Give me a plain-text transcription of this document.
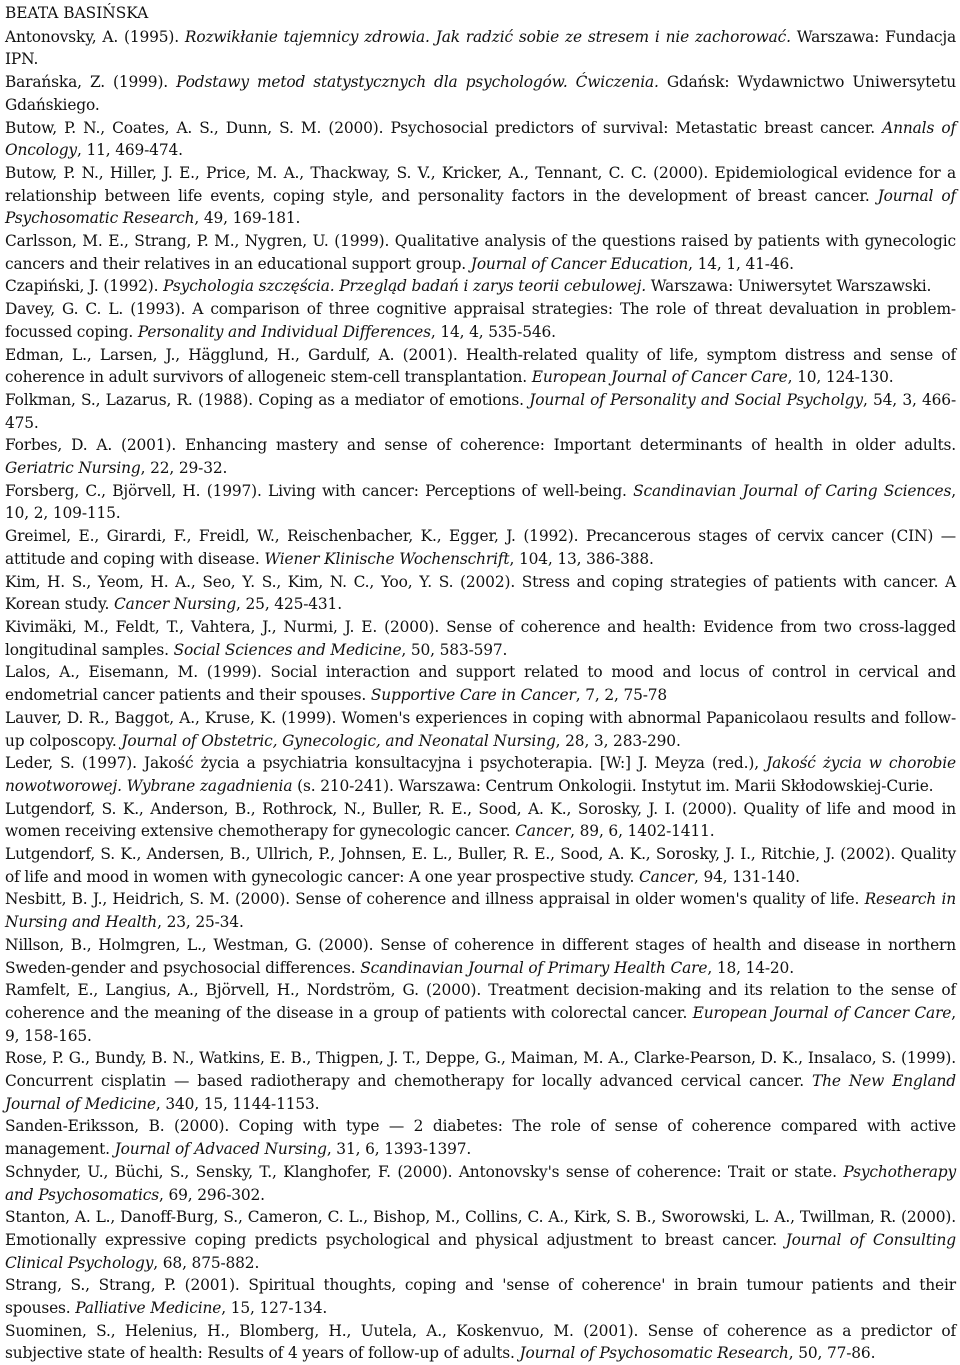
BEATA BASIŃSKA
Antonovsky, A. (1995). Rozwikłanie tajemnicy zdrowia. Jak radzić sobie ze stresem i nie zachorować. Warszawa: Fundacja IPN.
Barańska, Z. (1999). Podstawy metod statystycznych dla psychologów. Ćwiczenia. Gdańsk: Wydawnictwo Uniwersytetu Gdańskiego.
Butow, P. N., Coates, A. S., Dunn, S. M. (2000). Psychosocial predictors of survival: Metastatic breast cancer. Annals of Oncology, 11, 469-474.
Butow, P. N., Hiller, J. E., Price, M. A., Thackway, S. V., Kricker, A., Tennant, C. C. (2000). Epidemiological evidence for a relationship between life events, coping style, and personality factors in the development of breast cancer. Journal of Psychosomatic Research, 49, 169-181.
Carlsson, M. E., Strang, P. M., Nygren, U. (1999). Qualitative analysis of the questions raised by patients with gynecologic cancers and their relatives in an educational support group. Journal of Cancer Education, 14, 1, 41-46.
Czapiński, J. (1992). Psychologia szczęścia. Przegląd badań i zarys teorii cebulowej. Warszawa: Uniwersytet Warszawski.
Davey, G. C. L. (1993). A comparison of three cognitive appraisal strategies: The role of threat devaluation in problem-focussed coping. Personality and Individual Differences, 14, 4, 535-546.
Edman, L., Larsen, J., Hägglund, H., Gardulf, A. (2001). Health-related quality of life, symptom distress and sense of coherence in adult survivors of allogeneic stem-cell transplantation. European Journal of Cancer Care, 10, 124-130.
Folkman, S., Lazarus, R. (1988). Coping as a mediator of emotions. Journal of Personality and Social Psycholgy, 54, 3, 466-475.
Forbes, D. A. (2001). Enhancing mastery and sense of coherence: Important determinants of health in older adults. Geriatric Nursing, 22, 29-32.
Forsberg, C., Björvell, H. (1997). Living with cancer: Perceptions of well-being. Scandinavian Journal of Caring Sciences, 10, 2, 109-115.
Greimel, E., Girardi, F., Freidl, W., Reischenbacher, K., Egger, J. (1992). Precancerous stages of cervix cancer (CIN) — attitude and coping with disease. Wiener Klinische Wochenschrift, 104, 13, 386-388.
Kim, H. S., Yeom, H. A., Seo, Y. S., Kim, N. C., Yoo, Y. S. (2002). Stress and coping strategies of patients with cancer. A Korean study. Cancer Nursing, 25, 425-431.
Kivimäki, M., Feldt, T., Vahtera, J., Nurmi, J. E. (2000). Sense of coherence and health: Evidence from two cross-lagged longitudinal samples. Social Sciences and Medicine, 50, 583-597.
Lalos, A., Eisemann, M. (1999). Social interaction and support related to mood and locus of control in cervical and endometrial cancer patients and their spouses. Supportive Care in Cancer, 7, 2, 75-78
Lauver, D. R., Baggot, A., Kruse, K. (1999). Women's experiences in coping with abnormal Papanicolaou results and follow-up colposcopy. Journal of Obstetric, Gynecologic, and Neonatal Nursing, 28, 3, 283-290.
Leder, S. (1997). Jakość życia a psychiatria konsultacyjna i psychoterapia. [W:] J. Meyza (red.), Jakość życia w chorobie nowotworowej. Wybrane zagadnienia (s. 210-241). Warszawa: Centrum Onkologii. Instytut im. Marii Skłodowskiej-Curie.
Lutgendorf, S. K., Anderson, B., Rothrock, N., Buller, R. E., Sood, A. K., Sorosky, J. I. (2000). Quality of life and mood in women receiving extensive chemotherapy for gynecologic cancer. Cancer, 89, 6, 1402-1411.
Lutgendorf, S. K., Andersen, B., Ullrich, P., Johnsen, E. L., Buller, R. E., Sood, A. K., Sorosky, J. I., Ritchie, J. (2002). Quality of life and mood in women with gynecologic cancer: A one year prospective study. Cancer, 94, 131-140.
Nesbitt, B. J., Heidrich, S. M. (2000). Sense of coherence and illness appraisal in older women's quality of life. Research in Nursing and Health, 23, 25-34.
Nillson, B., Holmgren, L., Westman, G. (2000). Sense of coherence in different stages of health and disease in northern Sweden-gender and psychosocial differences. Scandinavian Journal of Primary Health Care, 18, 14-20.
Ramfelt, E., Langius, A., Björvell, H., Nordström, G. (2000). Treatment decision-making and its relation to the sense of coherence and the meaning of the disease in a group of patients with colorectal cancer. European Journal of Cancer Care, 9, 158-165.
Rose, P. G., Bundy, B. N., Watkins, E. B., Thigpen, J. T., Deppe, G., Maiman, M. A., Clarke-Pearson, D. K., Insalaco, S. (1999). Concurrent cisplatin — based radiotherapy and chemotherapy for locally advanced cervical cancer. The New England Journal of Medicine, 340, 15, 1144-1153.
Sanden-Eriksson, B. (2000). Coping with type — 2 diabetes: The role of sense of coherence compared with active management. Journal of Advaced Nursing, 31, 6, 1393-1397.
Schnyder, U., Büchi, S., Sensky, T., Klanghofer, F. (2000). Antonovsky's sense of coherence: Trait or state. Psychotherapy and Psychosomatics, 69, 296-302.
Stanton, A. L., Danoff-Burg, S., Cameron, C. L., Bishop, M., Collins, C. A., Kirk, S. B., Sworowski, L. A., Twillman, R. (2000). Emotionally expressive coping predicts psychological and physical adjustment to breast cancer. Journal of Consulting Clinical Psychology, 68, 875-882.
Strang, S., Strang, P. (2001). Spiritual thoughts, coping and 'sense of coherence' in brain tumour patients and their spouses. Palliative Medicine, 15, 127-134.
Suominen, S., Helenius, H., Blomberg, H., Uutela, A., Koskenvuo, M. (2001). Sense of coherence as a predictor of subjective state of health: Results of 4 years of follow-up of adults. Journal of Psychosomatic Research, 50, 77-86.
